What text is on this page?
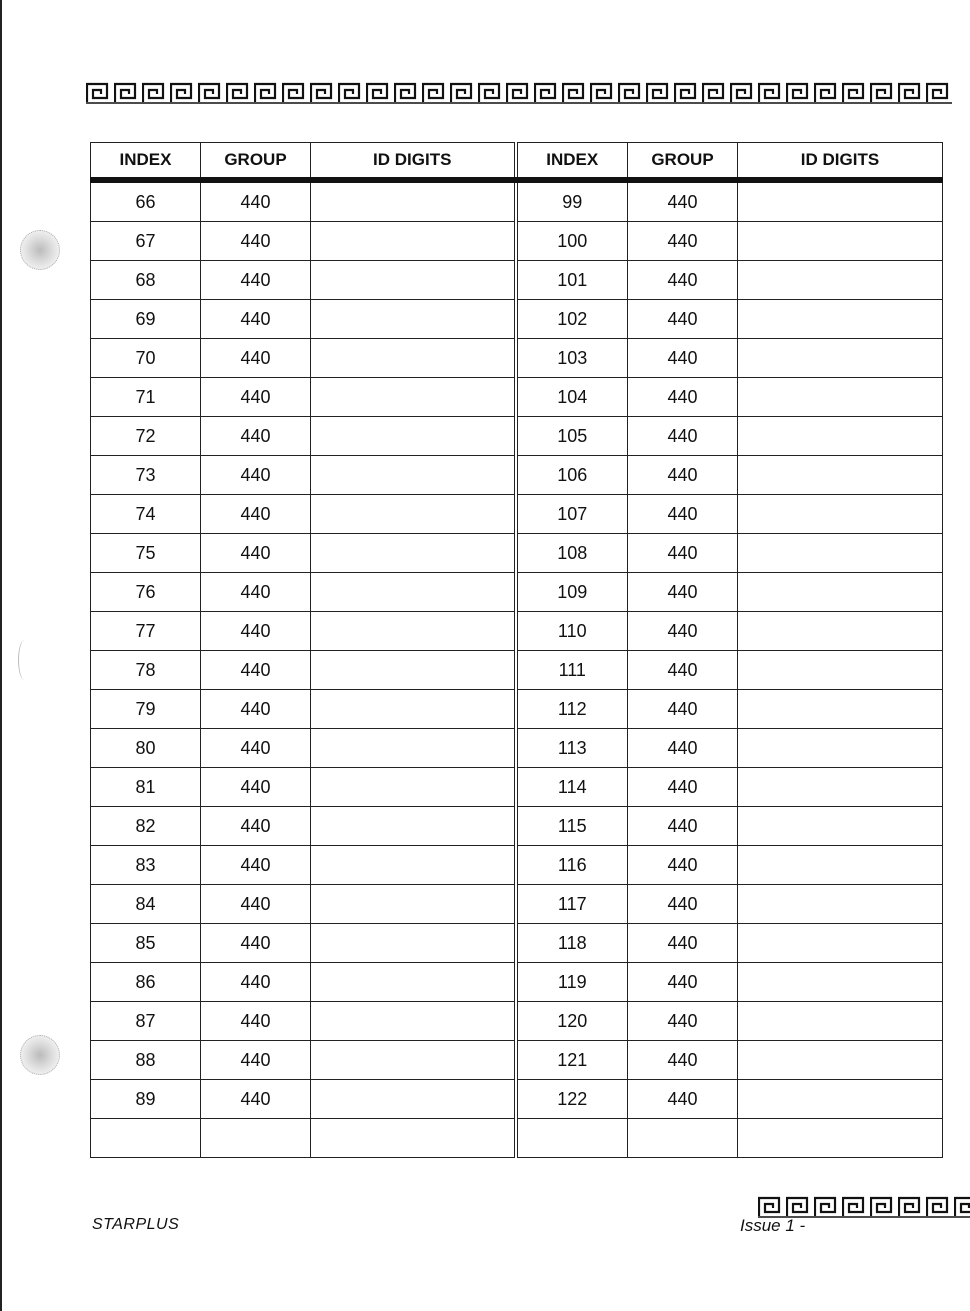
INDEX	GROUP	ID DIGITS	INDEX	GROUP	ID DIGITS
66	440		99	440	
67	440		100	440	
68	440		101	440	
69	440		102	440	
70	440		103	440	
71	440		104	440	
72	440		105	440	
73	440		106	440	
74	440		107	440	
75	440		108	440	
76	440		109	440	
77	440		110	440	
78	440		111	440	
79	440		112	440	
80	440		113	440	
81	440		114	440	
82	440		115	440	
83	440		116	440	
84	440		117	440	
85	440		118	440	
86	440		119	440	
87	440		120	440	
88	440		121	440	
89	440		122	440	

STARPLUS	Issue 1 -
